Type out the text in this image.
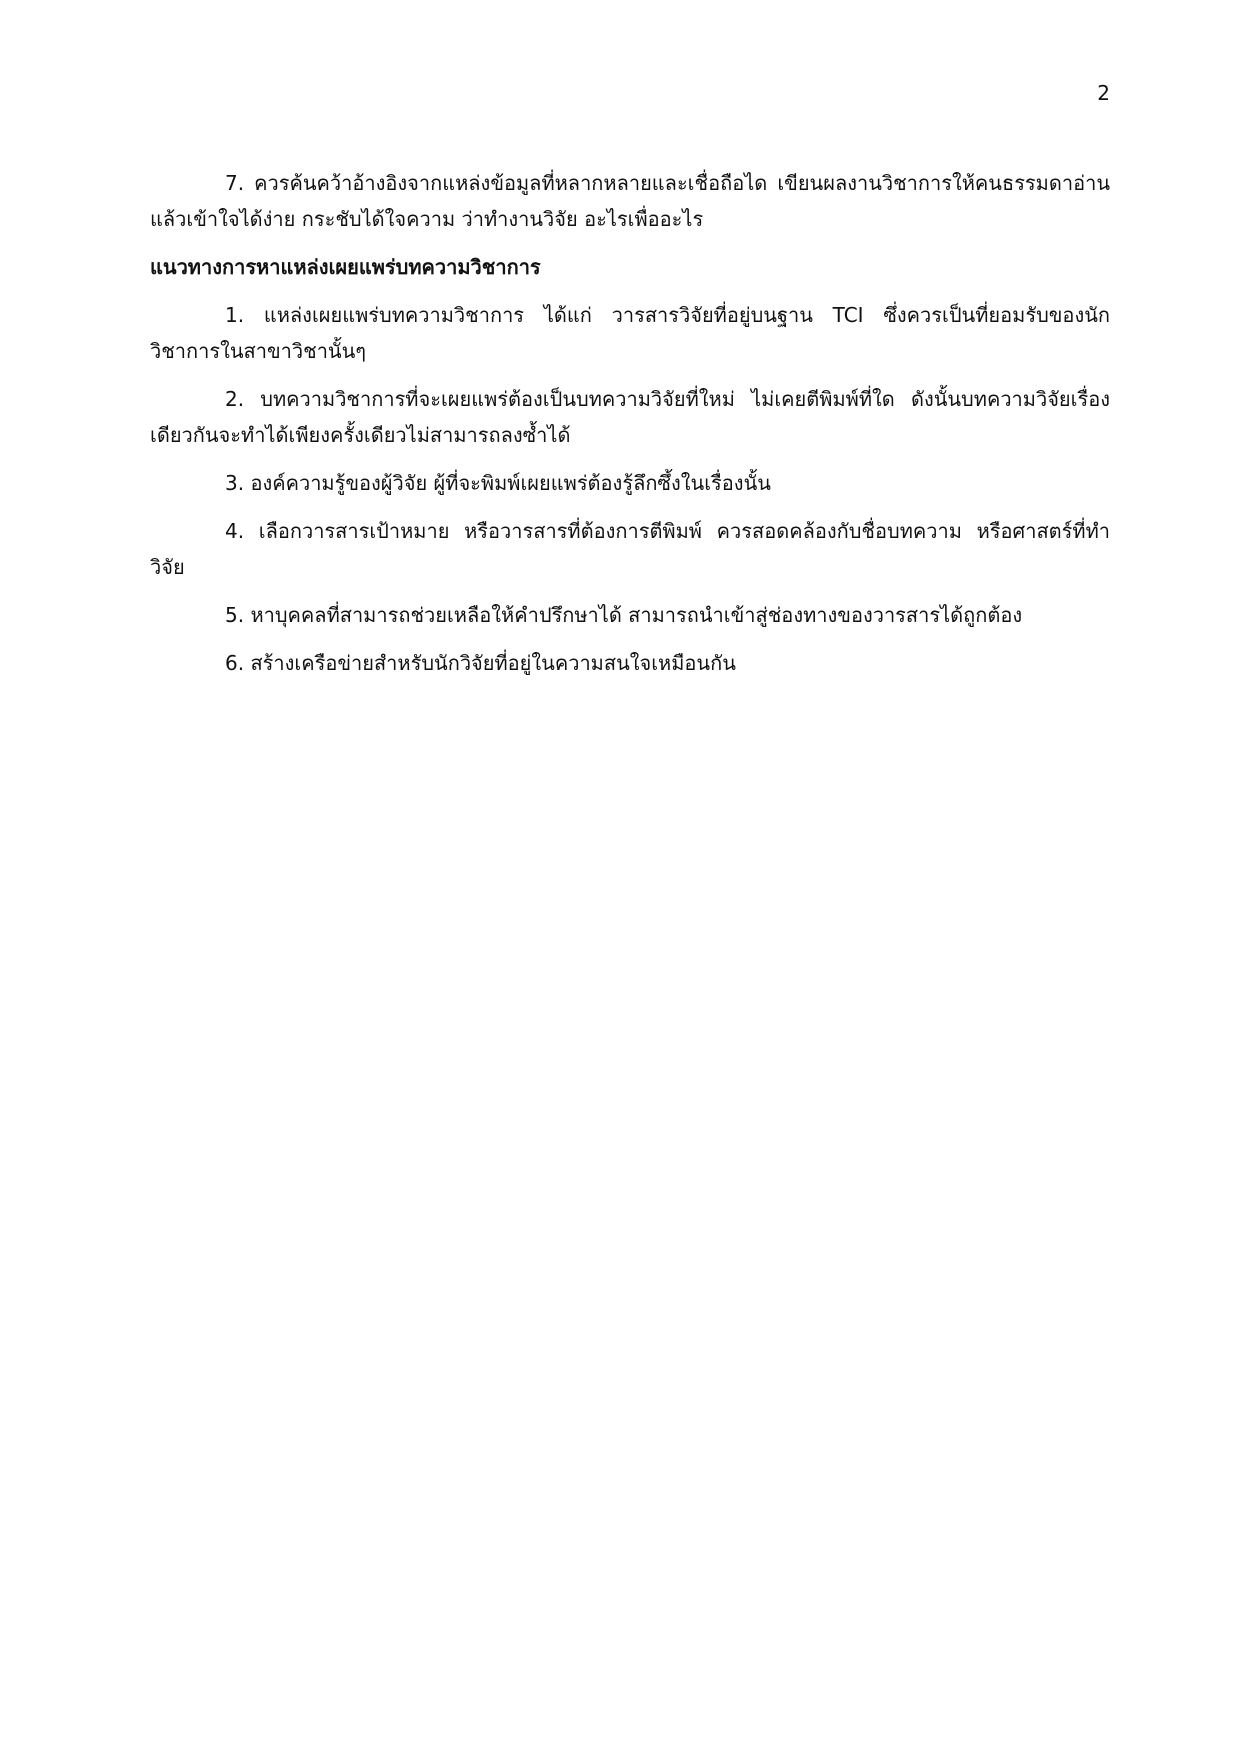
2

7. ควรค้นคว้าอ้างอิงจากแหล่งข้อมูลที่หลากหลายและเชื่อถือได เขียนผลงานวิชาการให้คนธรรมดาอ่านแล้วเข้าใจได้ง่าย กระชับได้ใจความ ว่าทำงานวิจัย อะไรเพื่ออะไร

แนวทางการหาแหล่งเผยแพร่บทความวิชาการ

1. แหล่งเผยแพร่บทความวิชาการ ได้แก่ วารสารวิจัยที่อยู่บนฐาน TCI ซึ่งควรเป็นที่ยอมรับของนักวิชาการในสาขาวิชานั้นๆ

2. บทความวิชาการที่จะเผยแพร่ต้องเป็นบทความวิจัยที่ใหม่ ไม่เคยตีพิมพ์ที่ใด ดังนั้นบทความวิจัยเรื่องเดียวกันจะทำได้เพียงครั้งเดียวไม่สามารถลงซ้ำได้

3. องค์ความรู้ของผู้วิจัย ผู้ที่จะพิมพ์เผยแพร่ต้องรู้ลึกซึ้งในเรื่องนั้น

4. เลือกวารสารเป้าหมาย หรือวารสารที่ต้องการตีพิมพ์ ควรสอดคล้องกับชื่อบทความ หรือศาสตร์ที่ทำวิจัย

5. หาบุคคลที่สามารถช่วยเหลือให้คำปรึกษาได้ สามารถนำเข้าสู่ช่องทางของวารสารได้ถูกต้อง

6. สร้างเครือข่ายสำหรับนักวิจัยที่อยู่ในความสนใจเหมือนกัน
